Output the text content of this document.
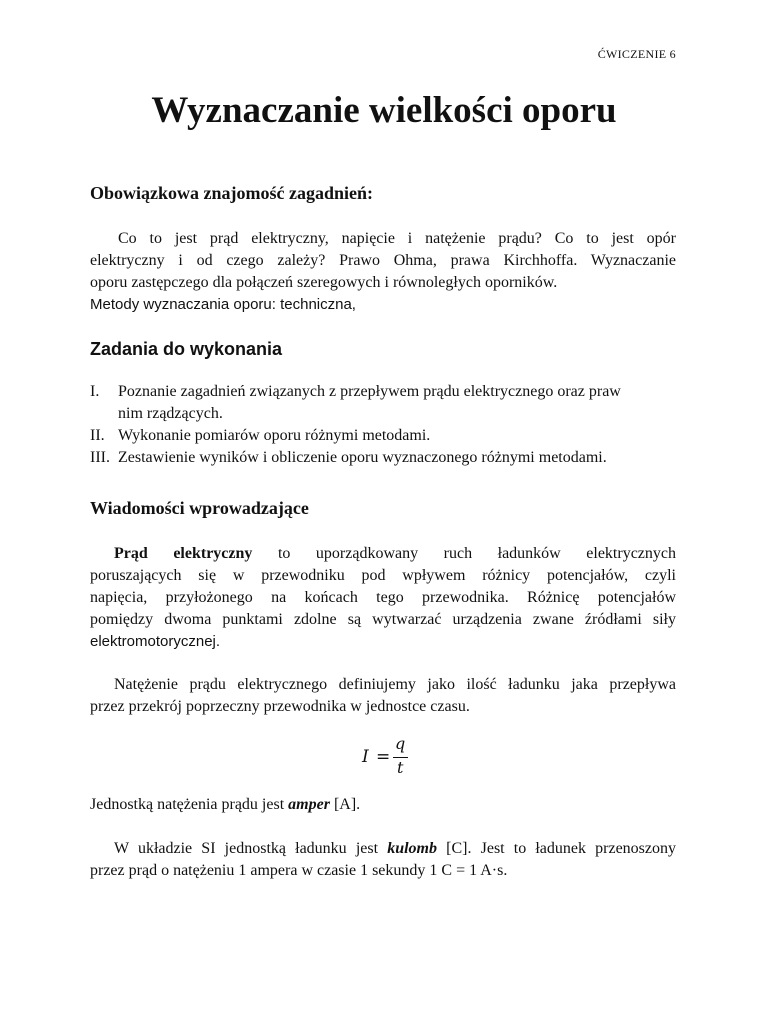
ĆWICZENIE 6
Wyznaczanie wielkości oporu
Obowiązkowa znajomość zagadnień:
Co to jest prąd elektryczny, napięcie i natężenie prądu? Co to jest opór
elektryczny i od czego zależy? Prawo Ohma, prawa Kirchhoffa. Wyznaczanie
oporu zastępczego dla połączeń szeregowych i równoległych oporników.
Metody wyznaczania oporu: techniczna,
Zadania do wykonania
I. Poznanie zagadnień związanych z przepływem prądu elektrycznego oraz praw
nim rządzących.
II. Wykonanie pomiarów oporu różnymi metodami.
III. Zestawienie wyników i obliczenie oporu wyznaczonego różnymi metodami.
Wiadomości wprowadzające
Prąd elektryczny to uporządkowany ruch ładunków elektrycznych
poruszających się w przewodniku pod wpływem różnicy potencjałów, czyli
napięcia, przyłożonego na końcach tego przewodnika. Różnicę potencjałów
pomiędzy dwoma punktami zdolne są wytwarzać urządzenia zwane źródłami siły
elektromotorycznej.
Natężenie prądu elektrycznego definiujemy jako ilość ładunku jaka przepływa
przez przekrój poprzeczny przewodnika w jednostce czasu.
I =
q
t
Jednostką natężenia prądu jest amper [A].
W układzie SI jednostką ładunku jest kulomb [C]. Jest to ładunek przenoszony
przez prąd o natężeniu 1 ampera w czasie 1 sekundy 1 C = 1 A·s.
